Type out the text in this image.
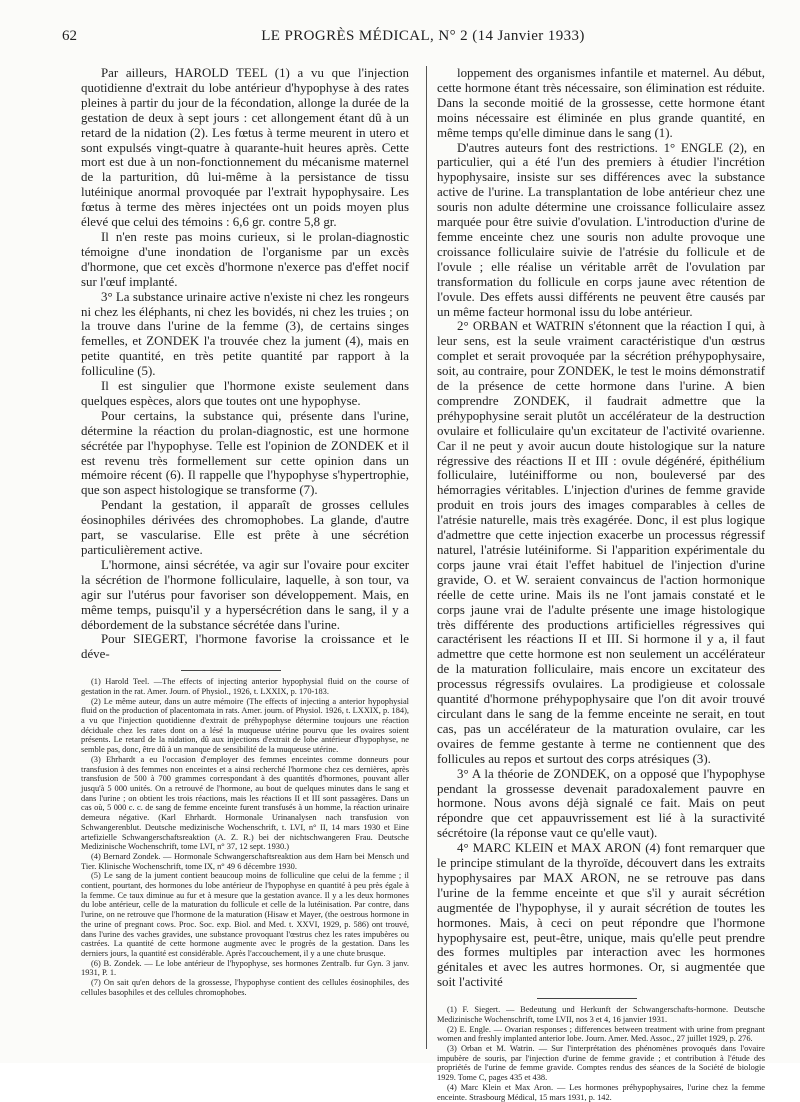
62	LE PROGRÈS MÉDICAL, N° 2 (14 Janvier 1933)

Par ailleurs, HAROLD TEEL (1) a vu que l'injection quotidienne d'extrait du lobe antérieur d'hypophyse à des rates pleines à partir du jour de la fécondation, allonge la durée de la gestation de deux à sept jours : cet allongement étant dû à un retard de la nidation (2). Les fœtus à terme meurent in utero et sont expulsés vingt-quatre à quarante-huit heures après. Cette mort est due à un non-fonctionnement du mécanisme maternel de la parturition, dû lui-même à la persistance de tissu lutéinique anormal provoquée par l'extrait hypophysaire. Les fœtus à terme des mères injectées ont un poids moyen plus élevé que celui des témoins : 6,6 gr. contre 5,8 gr.

Il n'en reste pas moins curieux, si le prolan-diagnostic témoigne d'une inondation de l'organisme par un excès d'hormone, que cet excès d'hormone n'exerce pas d'effet nocif sur l'œuf implanté.

3° La substance urinaire active n'existe ni chez les rongeurs ni chez les éléphants, ni chez les bovidés, ni chez les truies ; on la trouve dans l'urine de la femme (3), de certains singes femelles, et ZONDEK l'a trouvée chez la jument (4), mais en petite quantité, en très petite quantité par rapport à la folliculine (5).

Il est singulier que l'hormone existe seulement dans quelques espèces, alors que toutes ont une hypophyse.

Pour certains, la substance qui, présente dans l'urine, détermine la réaction du prolan-diagnostic, est une hormone sécrétée par l'hypophyse. Telle est l'opinion de ZONDEK et il est revenu très formellement sur cette opinion dans un mémoire récent (6). Il rappelle que l'hypophyse s'hypertrophie, que son aspect histologique se transforme (7).

Pendant la gestation, il apparaît de grosses cellules éosinophiles dérivées des chromophobes. La glande, d'autre part, se vascularise. Elle est prête à une sécrétion particulièrement active.

L'hormone, ainsi sécrétée, va agir sur l'ovaire pour exciter la sécrétion de l'hormone folliculaire, laquelle, à son tour, va agir sur l'utérus pour favoriser son développement. Mais, en même temps, puisqu'il y a hypersécrétion dans le sang, il y a débordement de la substance sécrétée dans l'urine.

Pour SIEGERT, l'hormone favorise la croissance et le déve-

(1) Harold Teel. —The effects of injecting anterior hypophysial fluid on the course of gestation in the rat. Amer. Journ. of Physiol., 1926, t. LXXIX, p. 170-183.

(2) Le même auteur, dans un autre mémoire (The effects of injecting a anterior hypophysial fluid on the production of placentomata in rats. Amer. journ. of Physiol. 1926, t. LXXIX, p. 184), a vu que l'injection quotidienne d'extrait de préhypophyse détermine toujours une réaction déciduale chez les rates dont on a lésé la muqueuse utérine pourvu que les ovaires soient présents. Le retard de la nidation, dû aux injections d'extrait de lobe antérieur d'hypophyse, ne semble pas, donc, être dû à un manque de sensibilité de la muqueuse utérine.

(3) Ehrhardt a eu l'occasion d'employer des femmes enceintes comme donneurs pour transfusion à des femmes non enceintes et a ainsi recherché l'hormone chez ces dernières, après transfusion de 500 à 700 grammes correspondant à des quantités d'hormones, pouvant aller jusqu'à 5 000 unités. On a retrouvé de l'hormone, au bout de quelques minutes dans le sang et dans l'urine ; on obtient les trois réactions, mais les réactions II et III sont passagères. Dans un cas où, 5 000 c. c. de sang de femme enceinte furent transfusés à un homme, la réaction urinaire demeura négative. (Karl Ehrhardt. Hormonale Urinanalysen nach transfusion von Schwangerenblut. Deutsche medizinische Wochenschrift, t. LVI, n° II, 14 mars 1930 et Eine artefizielle Schwangerschaftsreaktion (A. Z. R.) bei der nichtschwangeren Frau. Deutsche Medizinische Wochenschrift, tome LVI, n° 37, 12 sept. 1930.)

(4) Bernard Zondek. — Hormonale Schwangerschaftsreaktion aus dem Harn bei Mensch und Tier. Klinische Wochenschrift, tome IX, n° 49 6 décembre 1930.

(5) Le sang de la jument contient beaucoup moins de folliculine que celui de la femme ; il contient, pourtant, des hormones du lobe antérieur de l'hypophyse en quantité à peu près égale à la femme. Ce taux diminue au fur et à mesure que la gestation avance. Il y a les deux hormones du lobe antérieur, celle de la maturation du follicule et celle de la lutéinisation. Par contre, dans l'urine, on ne retrouve que l'hormone de la maturation (Hisaw et Mayer, (the oestrous hormone in the urine of pregnant cows. Proc. Soc. exp. Biol. and Med. t. XXVI, 1929, p. 586) ont trouvé, dans l'urine des vaches gravides, une substance provoquant l'œstrus chez les rates impubères ou castrées. La quantité de cette hormone augmente avec le progrès de la gestation. Dans les derniers jours, la quantité est considérable. Après l'accouchement, il y a une chute brusque.

(6) B. Zondek. — Le lobe antérieur de l'hypophyse, ses hormones Zentralb. fur Gyn. 3 janv. 1931, P. 1.

(7) On sait qu'en dehors de la grossesse, l'hypophyse contient des cellules éosinophiles, des cellules basophiles et des cellules chromophobes.

loppement des organismes infantile et maternel. Au début, cette hormone étant très nécessaire, son élimination est réduite. Dans la seconde moitié de la grossesse, cette hormone étant moins nécessaire est éliminée en plus grande quantité, en même temps qu'elle diminue dans le sang (1).

D'autres auteurs font des restrictions. 1° ENGLE (2), en particulier, qui a été l'un des premiers à étudier l'incrétion hypophysaire, insiste sur ses différences avec la substance active de l'urine. La transplantation de lobe antérieur chez une souris non adulte détermine une croissance folliculaire assez marquée pour être suivie d'ovulation. L'introduction d'urine de femme enceinte chez une souris non adulte provoque une croissance folliculaire suivie de l'atrésie du follicule et de l'ovule ; elle réalise un véritable arrêt de l'ovulation par transformation du follicule en corps jaune avec rétention de l'ovule. Des effets aussi différents ne peuvent être causés par un même facteur hormonal issu du lobe antérieur.

2° ORBAN et WATRIN s'étonnent que la réaction I qui, à leur sens, est la seule vraiment caractéristique d'un œstrus complet et serait provoquée par la sécrétion préhypophysaire, soit, au contraire, pour ZONDEK, le test le moins démonstratif de la présence de cette hormone dans l'urine. A bien comprendre ZONDEK, il faudrait admettre que la préhypophysine serait plutôt un accélérateur de la destruction ovulaire et folliculaire qu'un excitateur de l'activité ovarienne. Car il ne peut y avoir aucun doute histologique sur la nature régressive des réactions II et III : ovule dégénéré, épithélium folliculaire, lutéinifforme ou non, bouleversé par des hémorragies véritables. L'injection d'urines de femme gravide produit en trois jours des images comparables à celles de l'atrésie naturelle, mais très exagérée. Donc, il est plus logique d'admettre que cette injection exacerbe un processus régressif naturel, l'atrésie lutéiniforme. Si l'apparition expérimentale du corps jaune vrai était l'effet habituel de l'injection d'urine gravide, O. et W. seraient convaincus de l'action hormonique réelle de cette urine. Mais ils ne l'ont jamais constaté et le corps jaune vrai de l'adulte présente une image histologique très différente des productions artificielles régressives qui caractérisent les réactions II et III. Si hormone il y a, il faut admettre que cette hormone est non seulement un accélérateur de la maturation folliculaire, mais encore un excitateur des processus régressifs ovulaires. La prodigieuse et colossale quantité d'hormone préhypophysaire que l'on dit avoir trouvé circulant dans le sang de la femme enceinte ne serait, en tout cas, pas un accélérateur de la maturation ovulaire, car les ovaires de femme gestante à terme ne contiennent que des follicules au repos et surtout des corps atrésiques (3).

3° A la théorie de ZONDEK, on a opposé que l'hypophyse pendant la grossesse devenait paradoxalement pauvre en hormone. Nous avons déjà signalé ce fait. Mais on peut répondre que cet appauvrissement est lié à la suractivité sécrétoire (la réponse vaut ce qu'elle vaut).

4° MARC KLEIN et MAX ARON (4) font remarquer que le principe stimulant de la thyroïde, découvert dans les extraits hypophysaires par MAX ARON, ne se retrouve pas dans l'urine de la femme enceinte et que s'il y aurait sécrétion augmentée de l'hypophyse, il y aurait sécrétion de toutes les hormones. Mais, à ceci on peut répondre que l'hormone hypophysaire est, peut-être, unique, mais qu'elle peut prendre des formes multiples par interaction avec les hormones génitales et avec les autres hormones. Or, si augmentée que soit l'activité

(1) F. Siegert. — Bedeutung und Herkunft der Schwangerschafts-hormone. Deutsche Medizinische Wochenschrift, tome LVII, nos 3 et 4, 16 janvier 1931.

(2) E. Engle. — Ovarian responses ; differences between treatment with urine from pregnant women and freshly implanted anterior lobe. Journ. Amer. Med. Assoc., 27 juillet 1929, p. 276.

(3) Orban et M. Watrin. — Sur l'interprétation des phénomènes provoqués dans l'ovaire impubère de souris, par l'injection d'urine de femme gravide ; et contribution à l'étude des propriétés de l'urine de femme gravide. Comptes rendus des séances de la Société de biologie 1929. Tome C, pages 435 et 438.

(4) Marc Klein et Max Aron. — Les hormones préhypophysaires, l'urine chez la femme enceinte. Strasbourg Médical, 15 mars 1931, p. 142.
